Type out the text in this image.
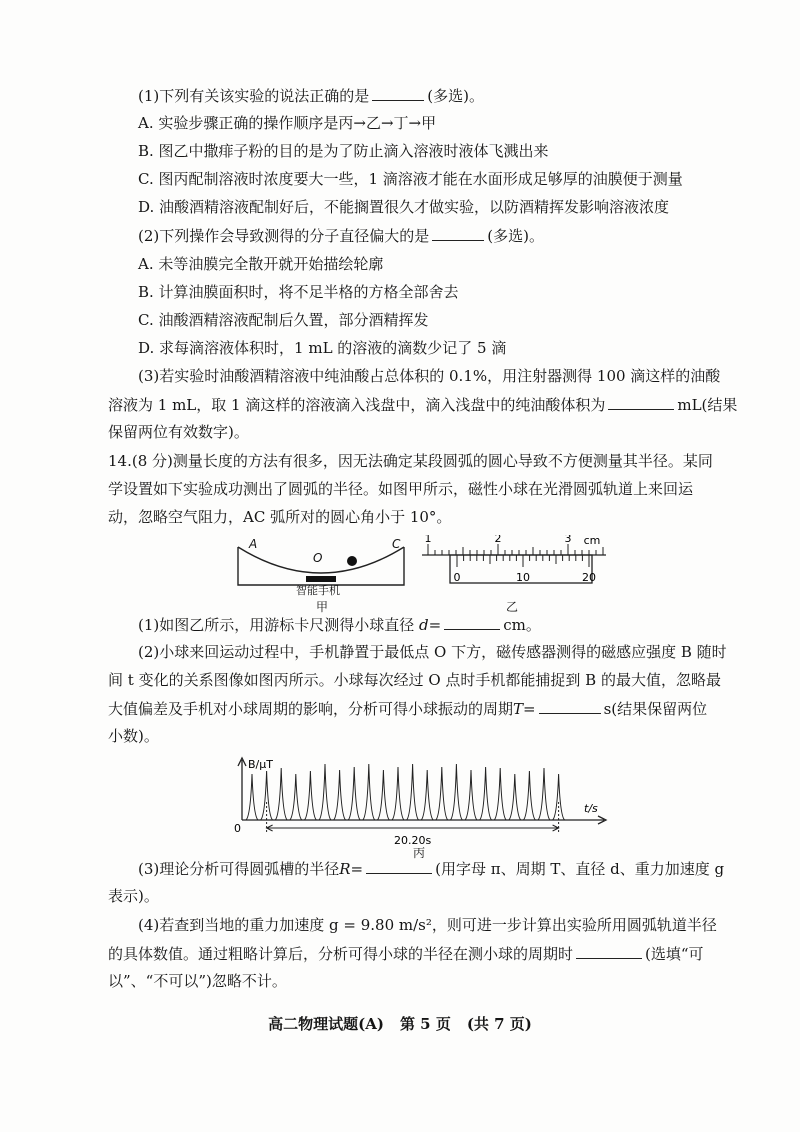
(1)下列有关该实验的说法正确的是	(多选)。
A. 实验步骤正确的操作顺序是丙→乙→丁→甲
B. 图乙中撒痱子粉的目的是为了防止滴入溶液时液体飞溅出来
C. 图丙配制溶液时浓度要大一些，1 滴溶液才能在水面形成足够厚的油膜便于测量
D. 油酸酒精溶液配制好后，不能搁置很久才做实验，以防酒精挥发影响溶液浓度
(2)下列操作会导致测得的分子直径偏大的是	(多选)。
A. 未等油膜完全散开就开始描绘轮廓
B. 计算油膜面积时，将不足半格的方格全部舍去
C. 油酸酒精溶液配制后久置，部分酒精挥发
D. 求每滴溶液体积时，1 mL 的溶液的滴数少记了 5 滴
(3)若实验时油酸酒精溶液中纯油酸占总体积的 0.1%，用注射器测得 100 滴这样的油酸
溶液为 1 mL，取 1 滴这样的溶液滴入浅盘中，滴入浅盘中的纯油酸体积为	mL(结果
保留两位有效数字)。
14.(8 分)测量长度的方法有很多，因无法确定某段圆弧的圆心导致不方便测量其半径。某同
学设置如下实验成功测出了圆弧的半径。如图甲所示，磁性小球在光滑圆弧轨道上来回运
动，忽略空气阻力，AC 弧所对的圆心角小于 10°。
A
O
C
智能手机
甲
1	2	3 cm
0	10	20
乙
(1)如图乙所示，用游标卡尺测得小球直径 d=	cm。
(2)小球来回运动过程中，手机静置于最低点 O 下方，磁传感器测得的磁感应强度 B 随时
间 t 变化的关系图像如图丙所示。小球每次经过 O 点时手机都能捕捉到 B 的最大值，忽略最
大值偏差及手机对小球周期的影响，分析可得小球振动的周期T=	s(结果保留两位
小数)。
B/μT
t/s
0
20.20s
丙
(3)理论分析可得圆弧槽的半径R=	(用字母 π、周期 T、直径 d、重力加速度 g
表示)。
(4)若查到当地的重力加速度 g = 9.80 m/s²，则可进一步计算出实验所用圆弧轨道半径
的具体数值。通过粗略计算后，分析可得小球的半径在测小球的周期时	(选填“可
以”、“不可以”)忽略不计。
高二物理试题(A) 第 5 页 (共 7 页)
